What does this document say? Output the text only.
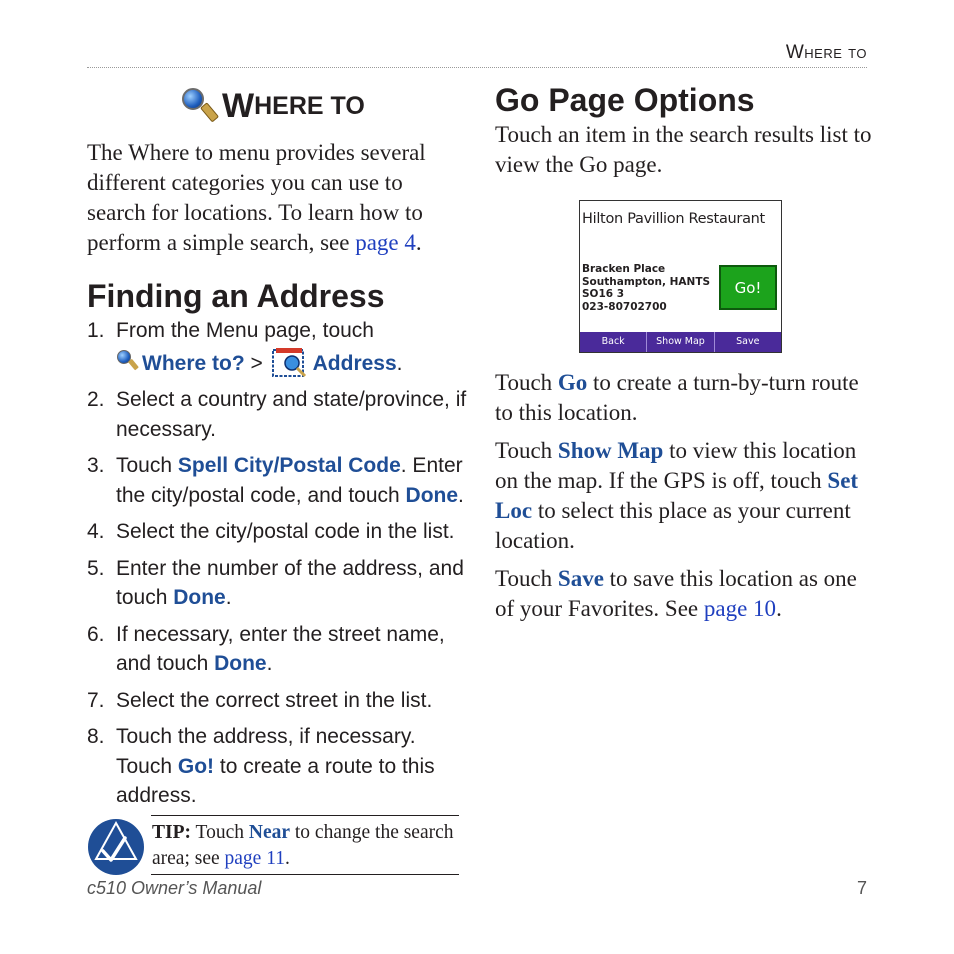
Where to
W HERE TO
The Where to menu provides several different categories you can use to search for locations. To learn how to perform a simple search, see page 4.
Finding an Address
1. From the Menu page, touch

Where to? > Address.
2. Select a country and state/province, if necessary.
3. Touch Spell City/Postal Code. Enter the city/postal code, and touch Done.
4. Select the city/postal code in the list.
5. Enter the number of the address, and touch Done.
6. If necessary, enter the street name, and touch Done.
7. Select the correct street in the list.
8. Touch the address, if necessary. Touch Go! to create a route to this address.
TIP: Touch Near to change the search area; see page 11.
Go Page Options
Touch an item in the search results list to view the Go page.
Hilton Pavillion Restaurant
Bracken Place
Southampton, HANTS
SO16 3
023-80702700
Go!
Back	Show Map	Save

Touch Go to create a turn-by-turn route to this location.

Touch Show Map to view this location on the map. If the GPS is off, touch Set Loc to select this place as your current location.

Touch Save to save this location as one of your Favorites. See page 10.

c510 Owner’s Manual	7
